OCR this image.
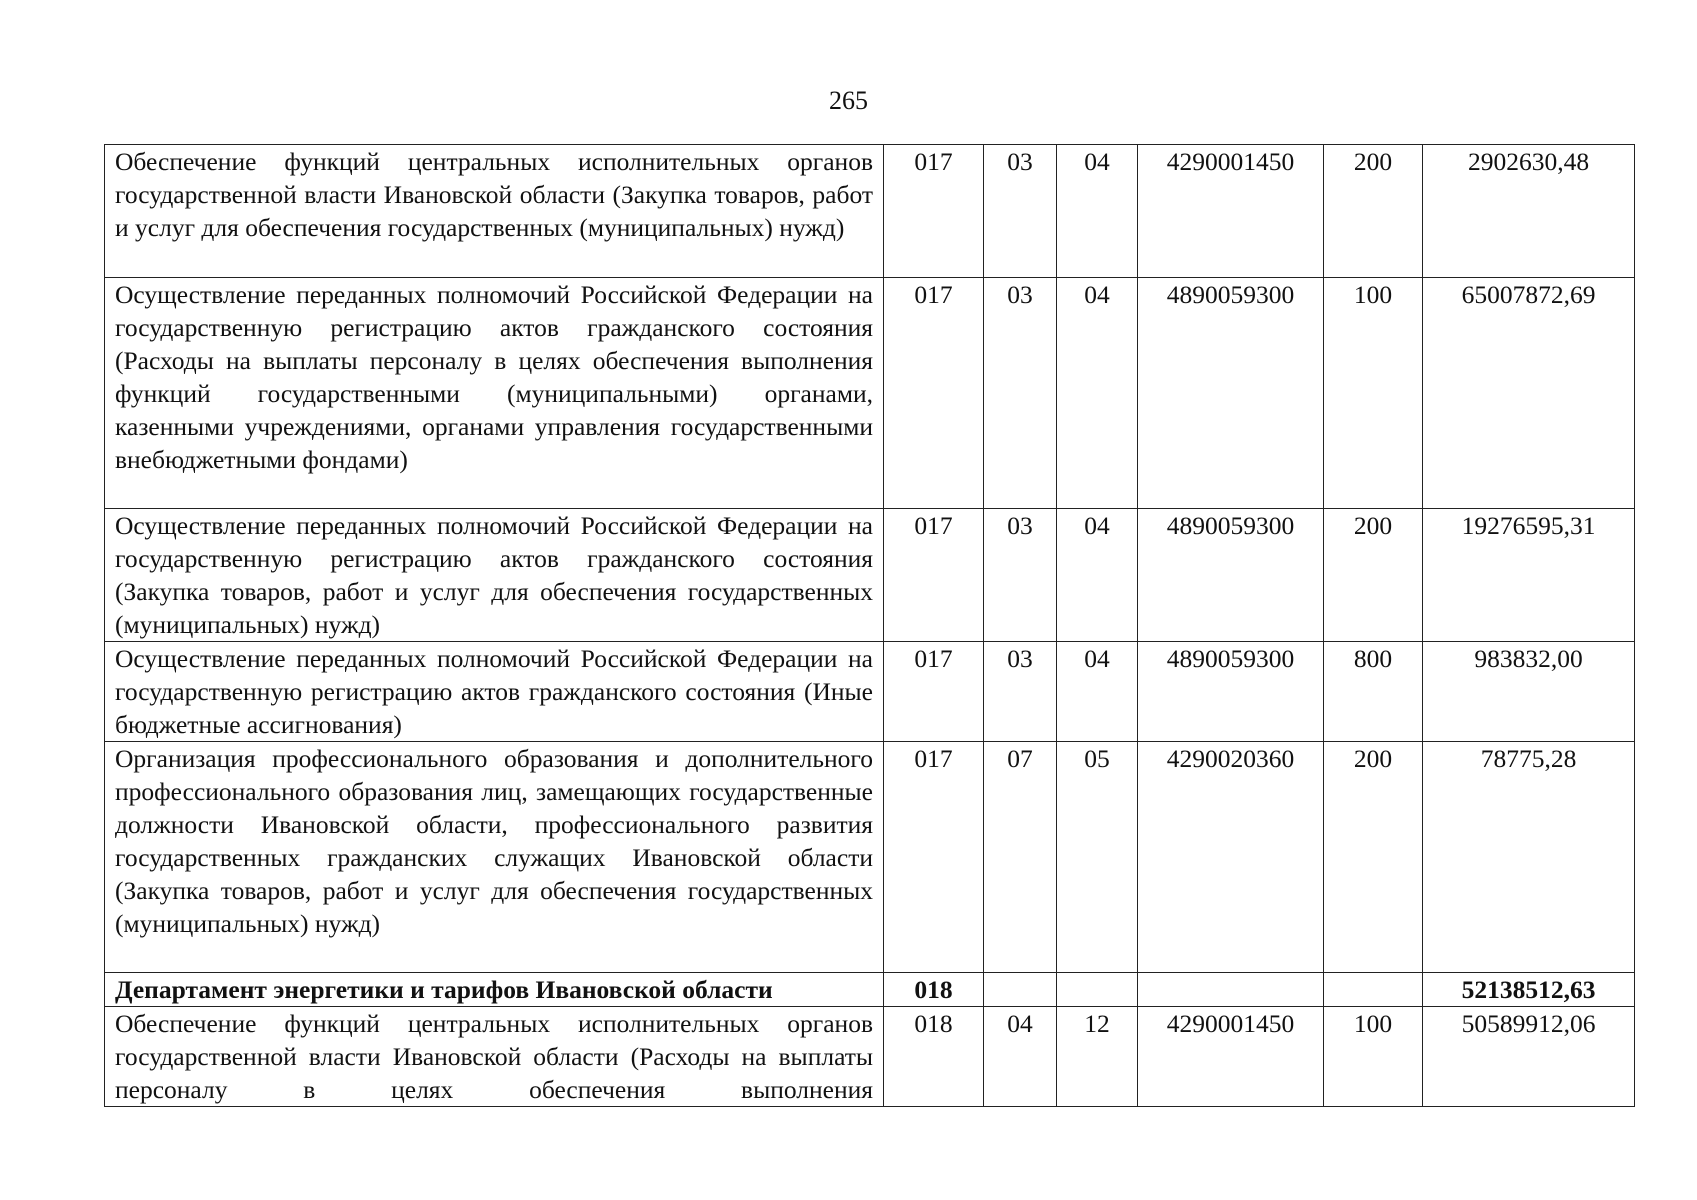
265
Обеспечение функций центральных исполнительных органов государственной власти Ивановской области (Закупка товаров, работ и услуг для обеспечения государственных (муниципальных) нужд)	017	03	04	4290001450	200	2902630,48
Осуществление переданных полномочий Российской Федерации на государственную регистрацию актов гражданского состояния (Расходы на выплаты персоналу в целях обеспечения выполнения функций государственными (муниципальными) органами, казенными учреждениями, органами управления государственными внебюджетными фондами)	017	03	04	4890059300	100	65007872,69
Осуществление переданных полномочий Российской Федерации на государственную регистрацию актов гражданского состояния (Закупка товаров, работ и услуг для обеспечения государственных (муниципальных) нужд)	017	03	04	4890059300	200	19276595,31
Осуществление переданных полномочий Российской Федерации на государственную регистрацию актов гражданского состояния (Иные бюджетные ассигнования)	017	03	04	4890059300	800	983832,00
Организация профессионального образования и дополнительного профессионального образования лиц, замещающих государственные должности Ивановской области, профессионального развития государственных гражданских служащих Ивановской области (Закупка товаров, работ и услуг для обеспечения государственных (муниципальных) нужд)	017	07	05	4290020360	200	78775,28
Департамент энергетики и тарифов Ивановской области	018					52138512,63

Обеспечение функций центральных исполнительных органов государственной власти Ивановской области (Расходы на выплаты персоналу в целях обеспечения выполнения	018	04	12	4290001450	100	50589912,06
